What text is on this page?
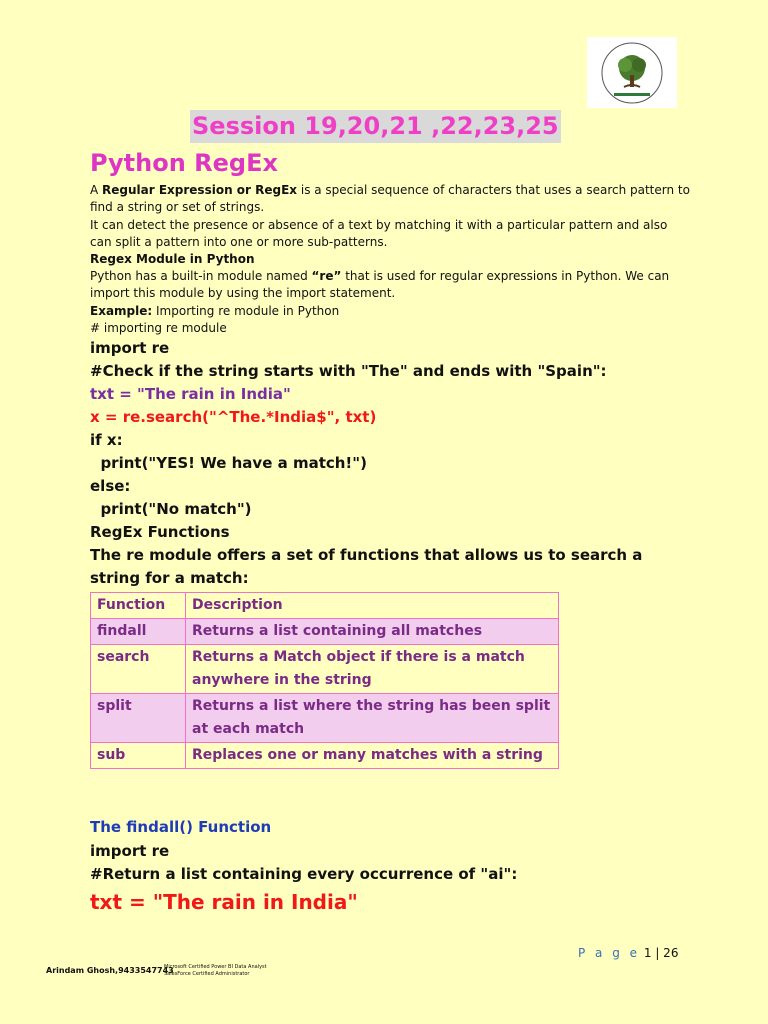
Session 19,20,21 ,22,23,25
Python RegEx
A Regular Expression or RegEx is a special sequence of characters that uses a search pattern to find a string or set of strings.
It can detect the presence or absence of a text by matching it with a particular pattern and also can split a pattern into one or more sub-patterns.
Regex Module in Python
Python has a built-in module named “re” that is used for regular expressions in Python. We can import this module by using the import statement.
Example: Importing re module in Python
# importing re module
import re
#Check if the string starts with "The" and ends with "Spain":
txt = "The rain in India"
x = re.search("^The.*India$", txt)
if x:
print("YES! We have a match!")
else:
print("No match")
RegEx Functions
The re module offers a set of functions that allows us to search a
string for a match:
Function	Description
findall	Returns a list containing all matches
search	Returns a Match object if there is a match anywhere in the string
split	Returns a list where the string has been split at each match
sub	Replaces one or many matches with a string
The findall() Function
import re
#Return a list containing every occurrence of "ai":
txt = "The rain in India"
P a g e 1 | 26
Arindam Ghosh,9433547743
Microsoft Certified Power BI Data Analyst
SalesForce Certified Administrator
